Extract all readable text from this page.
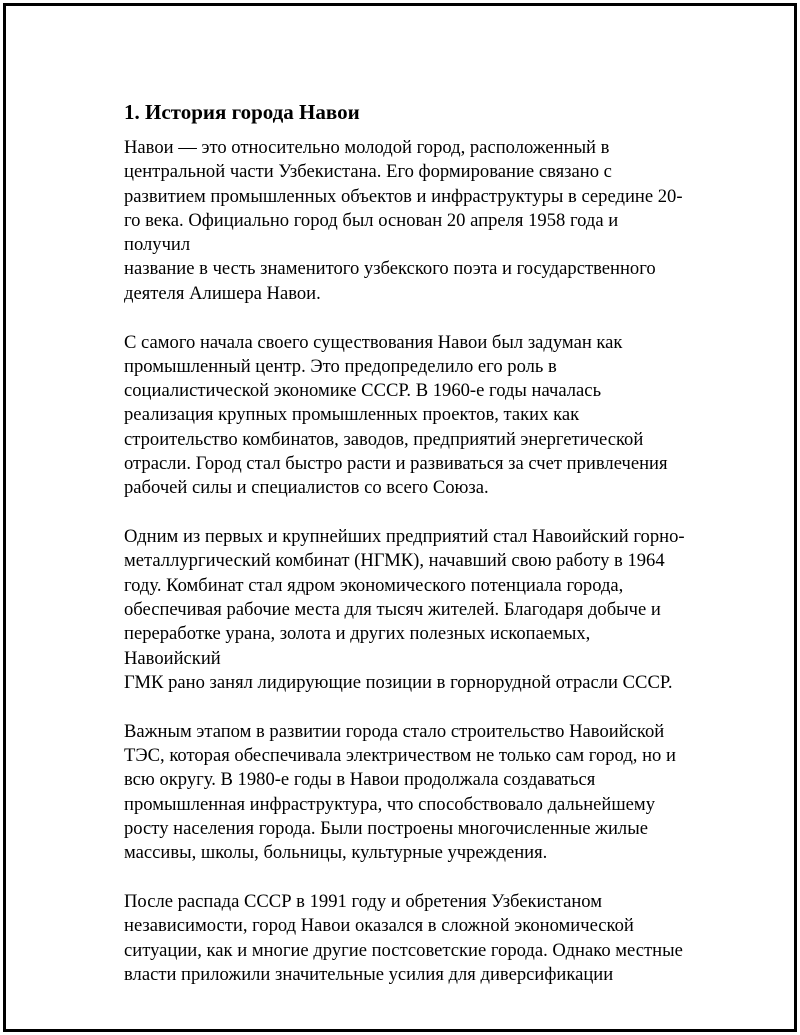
1. История города Навои

Навои — это относительно молодой город, расположенный в
центральной части Узбекистана. Его формирование связано с
развитием промышленных объектов и инфраструктуры в середине 20-
го века. Официально город был основан 20 апреля 1958 года и получил
название в честь знаменитого узбекского поэта и государственного
деятеля Алишера Навои.

С самого начала своего существования Навои был задуман как
промышленный центр. Это предопределило его роль в
социалистической экономике СССР. В 1960-е годы началась
реализация крупных промышленных проектов, таких как
строительство комбинатов, заводов, предприятий энергетической
отрасли. Город стал быстро расти и развиваться за счет привлечения
рабочей силы и специалистов со всего Союза.

Одним из первых и крупнейших предприятий стал Навоийский горно-
металлургический комбинат (НГМК), начавший свою работу в 1964
году. Комбинат стал ядром экономического потенциала города,
обеспечивая рабочие места для тысяч жителей. Благодаря добыче и
переработке урана, золота и других полезных ископаемых, Навоийский
ГМК рано занял лидирующие позиции в горнорудной отрасли СССР.

Важным этапом в развитии города стало строительство Навоийской
ТЭС, которая обеспечивала электричеством не только сам город, но и
всю округу. В 1980-е годы в Навои продолжала создаваться
промышленная инфраструктура, что способствовало дальнейшему
росту населения города. Были построены многочисленные жилые
массивы, школы, больницы, культурные учреждения.

После распада СССР в 1991 году и обретения Узбекистаном
независимости, город Навои оказался в сложной экономической
ситуации, как и многие другие постсоветские города. Однако местные
власти приложили значительные усилия для диверсификации
